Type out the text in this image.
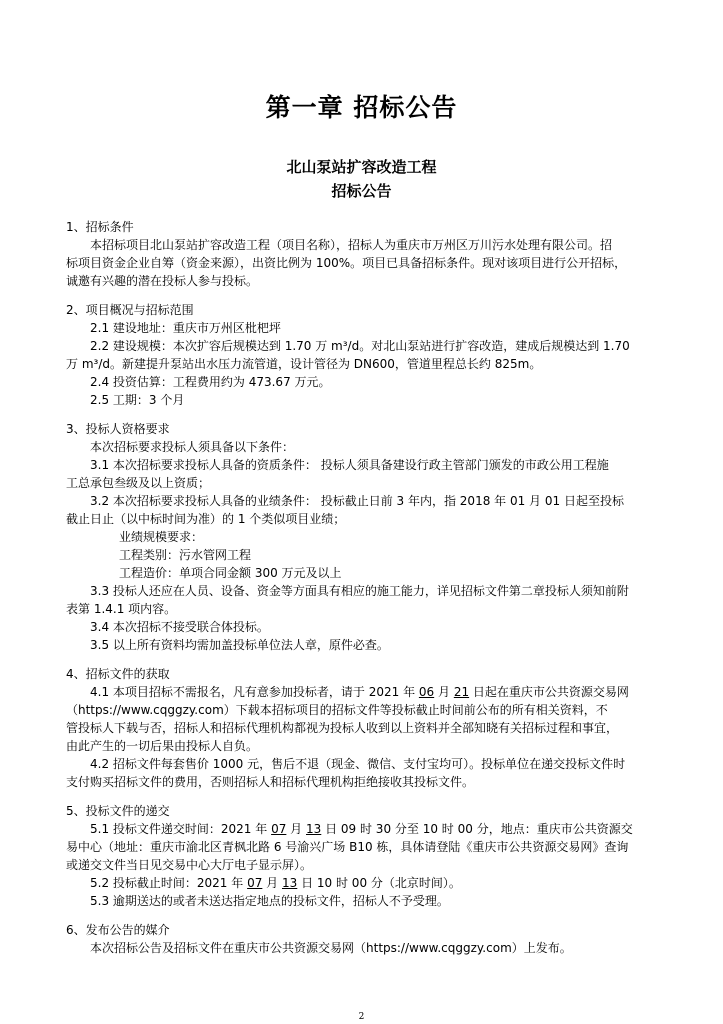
第一章 招标公告
北山泵站扩容改造工程
招标公告
1、招标条件
本招标项目北山泵站扩容改造工程（项目名称），招标人为重庆市万州区万川污水处理有限公司。招
标项目资金企业自筹（资金来源），出资比例为 100%。项目已具备招标条件。现对该项目进行公开招标，
诚邀有兴趣的潜在投标人参与投标。
2、项目概况与招标范围
2.1 建设地址：重庆市万州区枇杷坪
2.2 建设规模：本次扩容后规模达到 1.70 万 m³/d。对北山泵站进行扩容改造，建成后规模达到 1.70
万 m³/d。新建提升泵站出水压力流管道，设计管径为 DN600，管道里程总长约 825m。
2.4 投资估算：工程费用约为 473.67 万元。
2.5 工期：3 个月
3、投标人资格要求
本次招标要求投标人须具备以下条件：
3.1 本次招标要求投标人具备的资质条件： 投标人须具备建设行政主管部门颁发的市政公用工程施
工总承包叁级及以上资质；
3.2 本次招标要求投标人具备的业绩条件： 投标截止日前 3 年内，指 2018 年 01 月 01 日起至投标
截止日止（以中标时间为准）的 1 个类似项目业绩；
业绩规模要求：
工程类别：污水管网工程
工程造价：单项合同金额 300 万元及以上
3.3 投标人还应在人员、设备、资金等方面具有相应的施工能力，详见招标文件第二章投标人须知前附
表第 1.4.1 项内容。
3.4 本次招标不接受联合体投标。
3.5 以上所有资料均需加盖投标单位法人章，原件必查。
4、招标文件的获取
4.1 本项目招标不需报名，凡有意参加投标者，请于 2021 年 06 月 21 日起在重庆市公共资源交易网
（https://www.cqggzy.com）下载本招标项目的招标文件等投标截止时间前公布的所有相关资料，不
管投标人下载与否，招标人和招标代理机构都视为投标人收到以上资料并全部知晓有关招标过程和事宜，
由此产生的一切后果由投标人自负。
4.2 招标文件每套售价 1000 元，售后不退（现金、微信、支付宝均可）。投标单位在递交投标文件时
支付购买招标文件的费用，否则招标人和招标代理机构拒绝接收其投标文件。
5、投标文件的递交
5.1 投标文件递交时间：2021 年 07 月 13 日 09 时 30 分至 10 时 00 分，地点：重庆市公共资源交
易中心（地址：重庆市渝北区青枫北路 6 号渝兴广场 B10 栋，具体请登陆《重庆市公共资源交易网》查询
或递交文件当日见交易中心大厅电子显示屏）。
5.2 投标截止时间：2021 年 07 月 13 日 10 时 00 分（北京时间）。
5.3 逾期送达的或者未送达指定地点的投标文件，招标人不予受理。
6、发布公告的媒介
本次招标公告及招标文件在重庆市公共资源交易网（https://www.cqggzy.com）上发布。
2
